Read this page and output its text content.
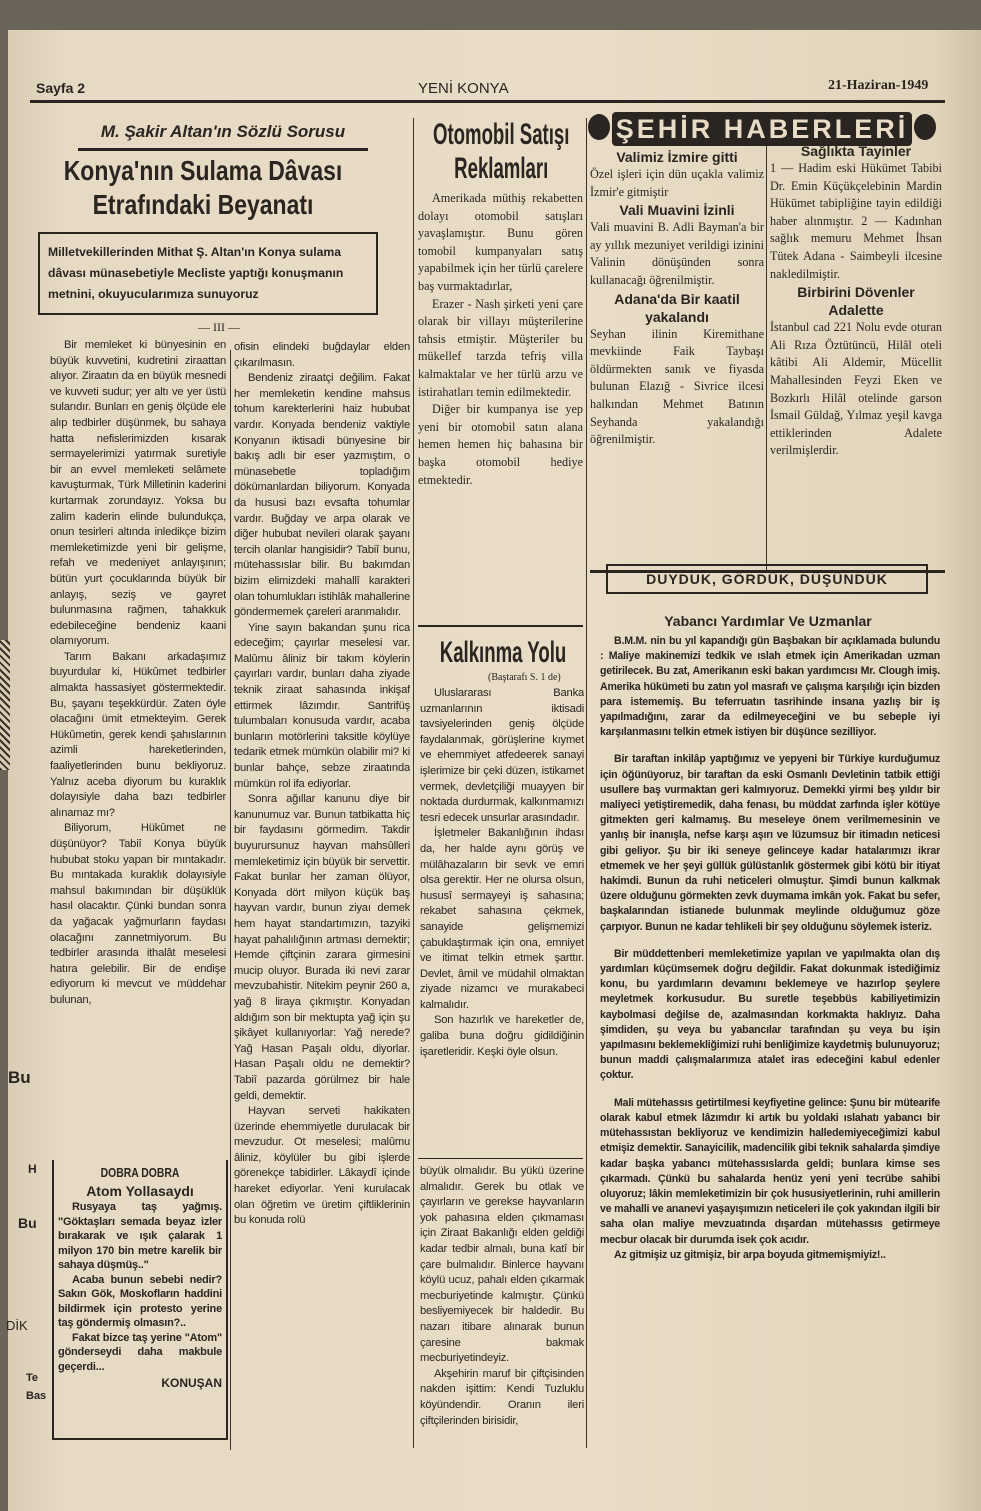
Sayfa 2	YENİ KONYA	21-Haziran-1949
M. Şakir Altan'ın Sözlü Sorusu
Konya'nın Sulama Dâvası Etrafındaki Beyanatı
Milletvekillerinden Mithat Ş. Altan'ın Konya sulama dâvası münasebetiyle Mecliste yaptığı konuşmanın metnini, okuyucularımıza sunuyoruz
— III —

Bir memleket ki bünyesinin en büyük kuvvetini, kudretini ziraattan alıyor. Ziraatın da en büyük mesnedi ve kuvveti sudur; yer altı ve yer üstü sularıdır. Bunları en geniş ölçüde ele alıp tedbirler düşünmek, bu sahaya hatta nefislerimizden kısarak sermayelerimizi yatırmak suretiyle bir an evvel memleketi selâmete kavuşturmak, Türk Milletinin kaderini kurtarmak zorundayız. Yoksa bu zalim kaderin elinde bulundukça, onun tesirleri altında inledikçe bizim memleketimizde yeni bir gelişme, refah ve medeniyet anlayışının; bütün yurt çocuklarında büyük bir anlayış, seziş ve gayret bulunmasına rağmen, tahakkuk edebileceğine bendeniz kaani olamıyorum.

Tarım Bakanı arkadaşımız buyurdular ki, Hükûmet tedbirler almakta hassasiyet göstermektedir. Bu, şayanı teşekkürdür. Zaten öyle olacağını ümit etmekteyim. Gerek Hükûmetin, gerek kendi şahıslarının azimli hareketlerinden, faaliyetlerinden bunu bekliyoruz. Yalnız aceba diyorum bu kuraklık dolayısiyle daha bazı tedbirler alınamaz mı?

Biliyorum, Hükûmet ne düşünüyor? Tabiî Konya büyük hububat stoku yapan bir mıntakadır. Bu mıntakada kuraklık dolayısiyle mahsul bakımından bir düşüklük hasıl olacaktır. Çünki bundan sonra da yağacak yağmurların faydası olacağını zannetmiyorum. Bu tedbirler arasında ithalât meselesi hatıra gelebilir. Bir de endişe ediyorum ki mevcut ve müddehar bulunan,

ofisin elindeki buğdaylar elden çıkarılmasın.

Bendeniz ziraatçi değilim. Fakat her memleketin kendine mahsus tohum karekterlerini haiz hububat vardır. Konyada bendeniz vaktiyle Konyanın iktisadi bünyesine bir bakış adlı bir eser yazmıştım, o münasebetle topladığım dökümanlardan biliyorum. Konyada da hususi bazı evsafta tohumlar vardır. Buğday ve arpa olarak ve diğer hububat nevileri olarak şayanı tercih olanlar hangisidir? Tabiî bunu, mütehassıslar bilir. Bu bakımdan bizim elimizdeki mahallî karakteri olan tohumlukları istihlâk mahallerine göndermemek çareleri aranmalıdır.

Yine sayın bakandan şunu rica edeceğim; çayırlar meselesi var. Malûmu âliniz bir takım köylerin çayırları vardır, bunları daha ziyade teknik ziraat sahasında inkişaf ettirmek lâzımdır. Santrifüş tulumbaları konusuda vardır, acaba bunların motörlerini taksitle köylüye tedarik etmek mümkün olabilir mi? ki bunlar bahçe, sebze ziraatında mümkün rol ifa ediyorlar.

Sonra ağıllar kanunu diye bir kanunumuz var. Bunun tatbikatta hiç bir faydasını görmedim. Takdir buyurursunuz hayvan mahsûlleri memleketimiz için büyük bir servettir. Fakat bunlar her zaman ölüyor, Konyada dört milyon küçük baş hayvan vardır, bunun ziyaı demek hem hayat standartımızın, tazyiki hayat pahalılığının artması demektir; Hemde çiftçinin zarara girmesini mucip oluyor. Burada iki nevi zarar mevzubahistir. Nitekim peynir 260 a, yağ 8 liraya çıkmıştır. Konyadan aldığım son bir mektupta yağ için şu şikâyet kullanıyorlar: Yağ nerede? Yağ Hasan Paşalı oldu, diyorlar. Hasan Paşalı oldu ne demektir? Tabiî pazarda görülmez bir hale geldi, demektir.

Hayvan serveti hakikaten üzerinde ehemmiyetle durulacak bir mevzudur. Ot meselesi; malûmu âliniz, köylüler bu gibi işlerde görenekçe tabidirler. Lâkaydî içinde hareket ediyorlar. Yeni kurulacak olan öğretim ve üretim çiftliklerinin bu konuda rolü

DOBRA DOBRA
Atom Yollasaydı

Rusyaya taş yağmış. "Göktaşları semada beyaz izler bırakarak ve ışık çalarak 1 milyon 170 bin metre karelik bir sahaya düşmüş.."

Acaba bunun sebebi nedir? Sakın Gök, Moskofların haddini bildirmek için protesto yerine taş göndermiş olmasın?..

Fakat bizce taş yerine "Atom" gönderseydi daha makbule geçerdi...

KONUŞAN
Otomobil Satışı Reklamları

Amerikada müthiş rekabetten dolayı otomobil satışları yavaşlamıştır. Bunu gören tomobil kumpanyaları satış yapabilmek için her türlü çarelere baş vurmaktadırlar,

Erazer - Nash şirketi yeni çare olarak bir villayı müşterilerine tahsis etmiştir. Müşteriler bu mükellef tarzda tefriş villa kalmaktalar ve her türlü arzu ve istirahatları temin edilmektedir.

Diğer bir kumpanya ise yep yeni bir otomobil satın alana hemen hemen hiç bahasına bir başka otomobil hediye etmektedir.

Kalkınma Yolu
(Baştarafı S. 1 de)

Uluslararası Banka uzmanlarının iktisadi tavsiyelerinden geniş ölçüde faydalanmak, görüşlerine kıymet ve ehemmiyet atfedeerek sanayi işlerimize bir çeki düzen, istikamet vermek, devletçiliği muayyen bir noktada durdurmak, kalkınmamızı tesri edecek unsurlar arasındadır.

İşletmeler Bakanlığının ihdası da, her halde aynı görüş ve mülâhazaların bir sevk ve emri olsa gerektir. Her ne olursa olsun, hususî sermayeyi iş sahasına; rekabet sahasına çekmek, sanayide gelişmemizi çabuklaştırmak için ona, emniyet ve itimat telkin etmek şarttır. Devlet, âmil ve müdahil olmaktan ziyade nizamcı ve murakabeci kalmalıdır.

Son hazırlık ve hareketler de, galiba buna doğru gidildiğinin işaretleridir. Keşki öyle olsun.

büyük olmalıdır. Bu yükü üzerine almalıdır. Gerek bu otlak ve çayırların ve gerekse hayvanların yok pahasına elden çıkmaması için Ziraat Bakanlığı elden geldiği kadar tedbir almalı, buna katî bir çare bulmalıdır. Binlerce hayvanı köylü ucuz, pahalı elden çıkarmak mecburiyetinde kalmıştır. Çünkü besliyemiyecek bir haldedir. Bu nazarı itibare alınarak bunun çaresine bakmak mecburiyetindeyiz.

Akşehirin maruf bir çiftçisinden nakden işittim: Kendi Tuzluklu köyündendir. Oranın ileri çiftçilerinden birisidir,

ŞEHİR HABERLERİ
Valimiz İzmire gitti
Özel işleri için dün uçakla valimiz İzmir'e gitmiştir
Vali Muavini İzinli
Vali muavini B. Adli Bayman'a bir ay yıllık mezuniyet verildigi izinini Valinin dönüşünden sonra kullanacağı öğrenilmiştir.
Adana'da Bir kaatil yakalandı
Seyhan ilinin Kiremithane mevkiinde Faik Taybaşı öldürmekten sanık ve fiyasda bulunan Elazığ - Sivrice ilcesi halkından Mehmet Batının Seyhanda yakalandığı öğrenilmiştir.
Sağlıkta Tayinler
1 — Hadim eski Hükümet Tabibi Dr. Emin Küçükçelebinin Mardin Hükümet tabipliğine tayin edildiği haber alınmıştır. 2 — Kadınhan sağlık memuru Mehmet İhsan Tütek Adana - Saimbeyli ilcesine nakledilmiştir.
Birbirini Dövenler Adalette
İstanbul cad 221 Nolu evde oturan Ali Rıza Öztütüncü, Hilâl oteli kâtibi Ali Aldemir, Mücellit Mahallesinden Feyzi Eken ve Bozkırlı Hilâl otelinde garson İsmail Güldağ, Yılmaz yeşil kavga ettiklerinden Adalete verilmişlerdir.
DUYDUK, GÖRDÜK, DÜŞÜNDÜK
Yabancı Yardımlar Ve Uzmanlar

B.M.M. nin bu yıl kapandığı gün Başbakan bir açıklamada bulundu : Maliye makinemizi tedkik ve ıslah etmek için Amerikadan uzman getirilecek. Bu zat, Amerikanın eski bakan yardımcısı Mr. Clough imiş. Amerika hükümeti bu zatın yol masrafı ve çalışma karşılığı için bizden para istememiş. Bu teferruatın tasrihinde insana yazlış bir iş yapılmadığını, zarar da edilmeyeceğini ve bu sebeple iyi karşılanmasını telkin etmek istiyen bir düşünce sezilliyor.

Bir taraftan inkilâp yaptığımız ve yepyeni bir Türkiye kurduğumuz için öğünüyoruz, bir taraftan da eski Osmanlı Devletinin tatbik ettiği usullere baş vurmaktan geri kalmıyoruz. Demekki yirmi beş yıldır bir maliyeci yetiştiremedik, daha fenası, bu müddat zarfında işler kötüye gitmekten geri kalmamış. Bu meseleye önem verilmemesinin ve yanlış bir inanışla, nefse karşı aşırı ve lüzumsuz bir itimadın neticesi gibi geliyor. Şu bir iki seneye gelinceye kadar hatalarımızı ikrar etmemek ve her şeyi güllük gülüstanlık göstermek gibi kötü bir itiyat hakimdi. Bunun da ruhi neticeleri olmuştur. Şimdi bunun kalkmak üzere olduğunu görmekten zevk duymama imkân yok. Fakat bu sefer, başkalarından istianede bulunmak meylinde olduğumuz göze çarpıyor. Bunun ne kadar tehlikeli bir şey olduğunu söylemek isteriz.

Bir müddettenberi memleketimize yapılan ve yapılmakta olan dış yardımları küçümsemek doğru değildir. Fakat dokunmak istediğimiz konu, bu yardımların devamını beklemeye ve hazırlop şeylere meyletmek korkusudur. Bu suretle teşebbüs kabiliyetimizin kaybolmasi değilse de, azalmasından korkmakta haklıyız. Daha şimdiden, şu veya bu yabancılar tarafından şu veya bu işin yapılmasını beklemekliğimizi ruhi benliğimize kaydetmiş bulunuyoruz; bunun maddi çalışmalarımıza atalet iras edeceğini kabul edenler çoktur.

Mali mütehassıs getirtilmesi keyfiyetine gelince: Şunu bir mütearife olarak kabul etmek lâzımdır ki artık bu yoldaki ıslahatı yabancı bir mütehassıstan bekliyoruz ve kendimizin halledemiyeceğimizi kabul etmişiz demektir. Sanayicilik, madencilik gibi teknik sahalarda şimdiye kadar başka yabancı mütehassıslarda geldi; bunlara kimse ses çıkarmadı. Çünkü bu sahalarda henüz yeni yeni tecrübe sahibi oluyoruz; lâkin memleketimizin bir çok hususiyetlerinin, ruhi amillerin ve mahalli ve ananevi yaşayışımızın neticeleri ile çok yakından ilgili bir saha olan maliye mevzuatında dışardan mütehassıs getirmeye mecbur olacak bir durumda isek çok acıdır.

Az gitmişiz uz gitmişiz, bir arpa boyuda gitmemişmiyiz!..

Bu
H
Bu
DİK
Te
Bas
